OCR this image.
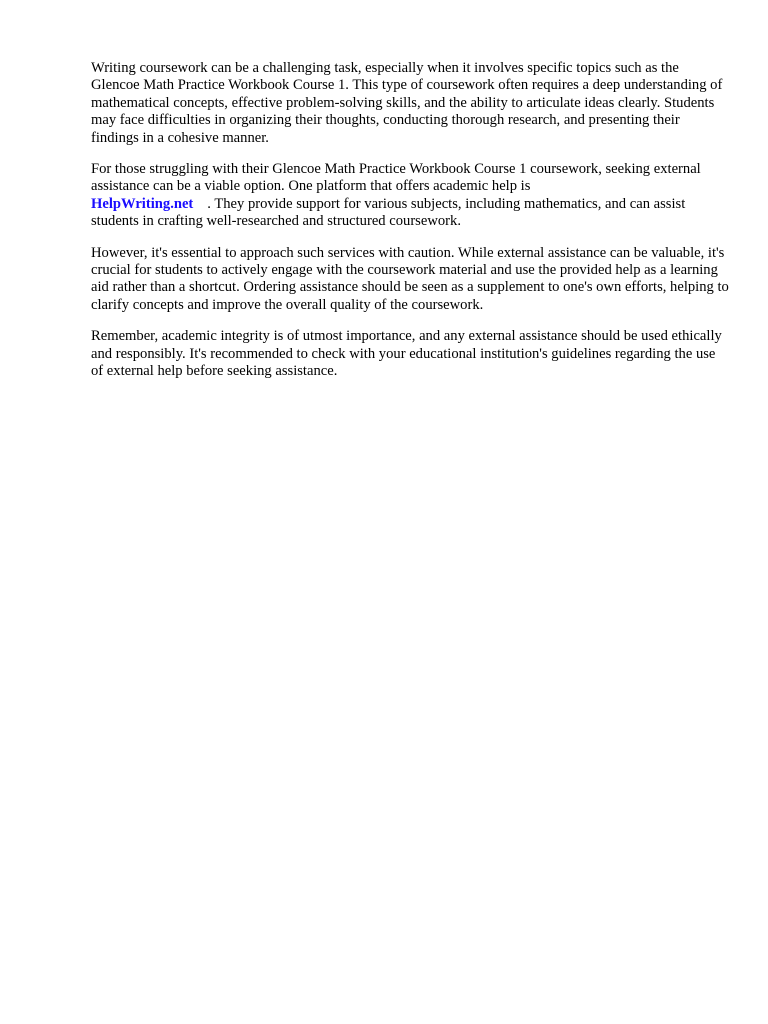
Writing coursework can be a challenging task, especially when it involves specific topics such as the Glencoe Math Practice Workbook Course 1. This type of coursework often requires a deep understanding of mathematical concepts, effective problem-solving skills, and the ability to articulate ideas clearly. Students may face difficulties in organizing their thoughts, conducting thorough research, and presenting their findings in a cohesive manner.

For those struggling with their Glencoe Math Practice Workbook Course 1 coursework, seeking external assistance can be a viable option. One platform that offers academic help is
HelpWriting.net . They provide support for various subjects, including mathematics, and can assist students in crafting well-researched and structured coursework.

However, it's essential to approach such services with caution. While external assistance can be valuable, it's crucial for students to actively engage with the coursework material and use the provided help as a learning aid rather than a shortcut. Ordering assistance should be seen as a supplement to one's own efforts, helping to clarify concepts and improve the overall quality of the coursework.

Remember, academic integrity is of utmost importance, and any external assistance should be used ethically and responsibly. It's recommended to check with your educational institution's guidelines regarding the use of external help before seeking assistance.
